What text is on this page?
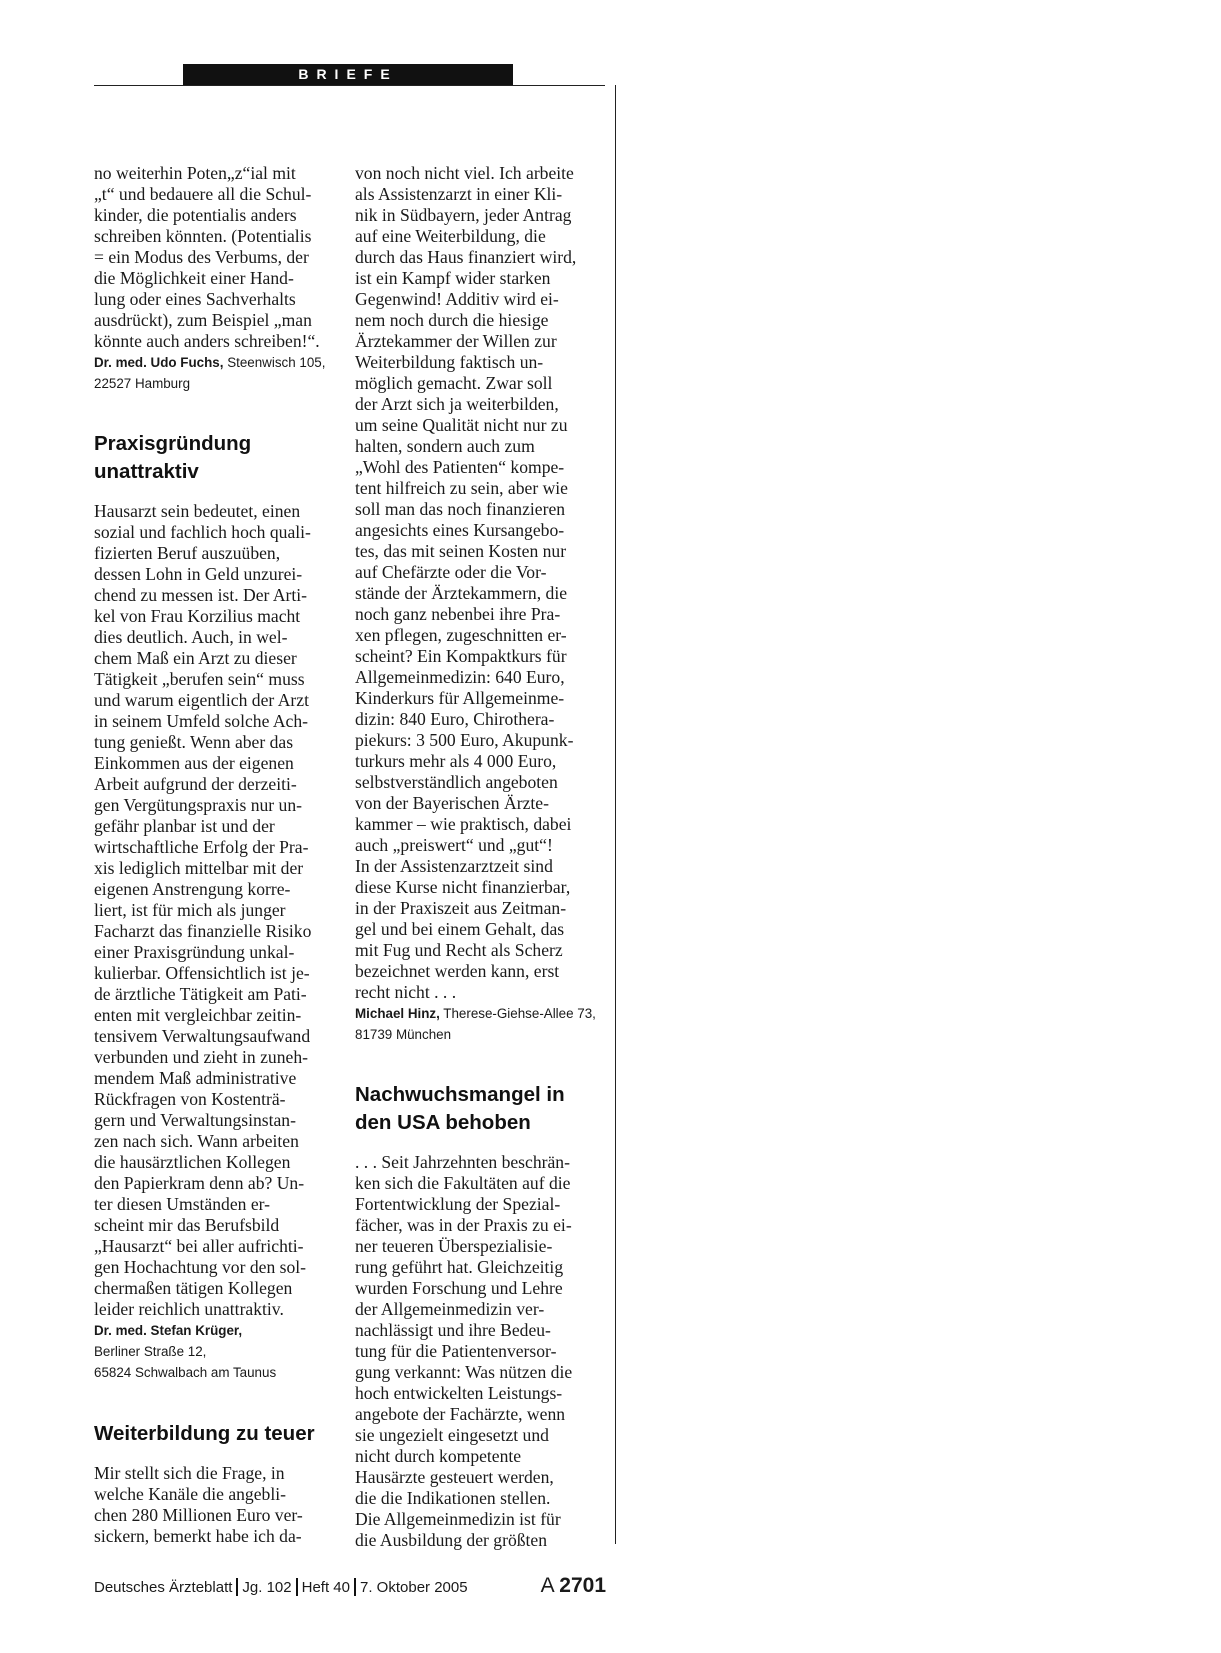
BRIEFE

no weiterhin Poten„z“ial mit
„t“ und bedauere all die Schul-
kinder, die potentialis anders
schreiben könnten. (Potentialis
= ein Modus des Verbums, der
die Möglichkeit einer Hand-
lung oder eines Sachverhalts
ausdrückt), zum Beispiel „man
könnte auch anders schreiben!“.

Dr. med. Udo Fuchs, Steenwisch 105,
22527 Hamburg

Praxisgründung
unattraktiv

Hausarzt sein bedeutet, einen
sozial und fachlich hoch quali-
fizierten Beruf auszuüben,
dessen Lohn in Geld unzurei-
chend zu messen ist. Der Arti-
kel von Frau Korzilius macht
dies deutlich. Auch, in wel-
chem Maß ein Arzt zu dieser
Tätigkeit „berufen sein“ muss
und warum eigentlich der Arzt
in seinem Umfeld solche Ach-
tung genießt. Wenn aber das
Einkommen aus der eigenen
Arbeit aufgrund der derzeiti-
gen Vergütungspraxis nur un-
gefähr planbar ist und der
wirtschaftliche Erfolg der Pra-
xis lediglich mittelbar mit der
eigenen Anstrengung korre-
liert, ist für mich als junger
Facharzt das finanzielle Risiko
einer Praxisgründung unkal-
kulierbar. Offensichtlich ist je-
de ärztliche Tätigkeit am Pati-
enten mit vergleichbar zeitin-
tensivem Verwaltungsaufwand
verbunden und zieht in zuneh-
mendem Maß administrative
Rückfragen von Kostenträ-
gern und Verwaltungsinstan-
zen nach sich. Wann arbeiten
die hausärztlichen Kollegen
den Papierkram denn ab? Un-
ter diesen Umständen er-
scheint mir das Berufsbild
„Hausarzt“ bei aller aufrichti-
gen Hochachtung vor den sol-
chermaßen tätigen Kollegen
leider reichlich unattraktiv.

Dr. med. Stefan Krüger,
Berliner Straße 12,
65824 Schwalbach am Taunus

Weiterbildung zu teuer

Mir stellt sich die Frage, in
welche Kanäle die angebli-
chen 280 Millionen Euro ver-
sickern, bemerkt habe ich da-

von noch nicht viel. Ich arbeite
als Assistenzarzt in einer Kli-
nik in Südbayern, jeder Antrag
auf eine Weiterbildung, die
durch das Haus finanziert wird,
ist ein Kampf wider starken
Gegenwind! Additiv wird ei-
nem noch durch die hiesige
Ärztekammer der Willen zur
Weiterbildung faktisch un-
möglich gemacht. Zwar soll
der Arzt sich ja weiterbilden,
um seine Qualität nicht nur zu
halten, sondern auch zum
„Wohl des Patienten“ kompe-
tent hilfreich zu sein, aber wie
soll man das noch finanzieren
angesichts eines Kursangebo-
tes, das mit seinen Kosten nur
auf Chefärzte oder die Vor-
stände der Ärztekammern, die
noch ganz nebenbei ihre Pra-
xen pflegen, zugeschnitten er-
scheint? Ein Kompaktkurs für
Allgemeinmedizin: 640 Euro,
Kinderkurs für Allgemeinme-
dizin: 840 Euro, Chirothera-
piekurs: 3 500 Euro, Akupunk-
turkurs mehr als 4 000 Euro,
selbstverständlich angeboten
von der Bayerischen Ärzte-
kammer – wie praktisch, dabei
auch „preiswert“ und „gut“!
In der Assistenzarztzeit sind
diese Kurse nicht finanzierbar,
in der Praxiszeit aus Zeitman-
gel und bei einem Gehalt, das
mit Fug und Recht als Scherz
bezeichnet werden kann, erst
recht nicht . . .

Michael Hinz, Therese-Giehse-Allee 73,
81739 München

Nachwuchsmangel in
den USA behoben

. . . Seit Jahrzehnten beschrän-
ken sich die Fakultäten auf die
Fortentwicklung der Spezial-
fächer, was in der Praxis zu ei-
ner teueren Überspezialisie-
rung geführt hat. Gleichzeitig
wurden Forschung und Lehre
der Allgemeinmedizin ver-
nachlässigt und ihre Bedeu-
tung für die Patientenversor-
gung verkannt: Was nützen die
hoch entwickelten Leistungs-
angebote der Fachärzte, wenn
sie ungezielt eingesetzt und
nicht durch kompetente
Hausärzte gesteuert werden,
die die Indikationen stellen.
Die Allgemeinmedizin ist für
die Ausbildung der größten

Deutsches Ärzteblatt Jg. 102 Heft 40 7. Oktober 2005	A 2701
